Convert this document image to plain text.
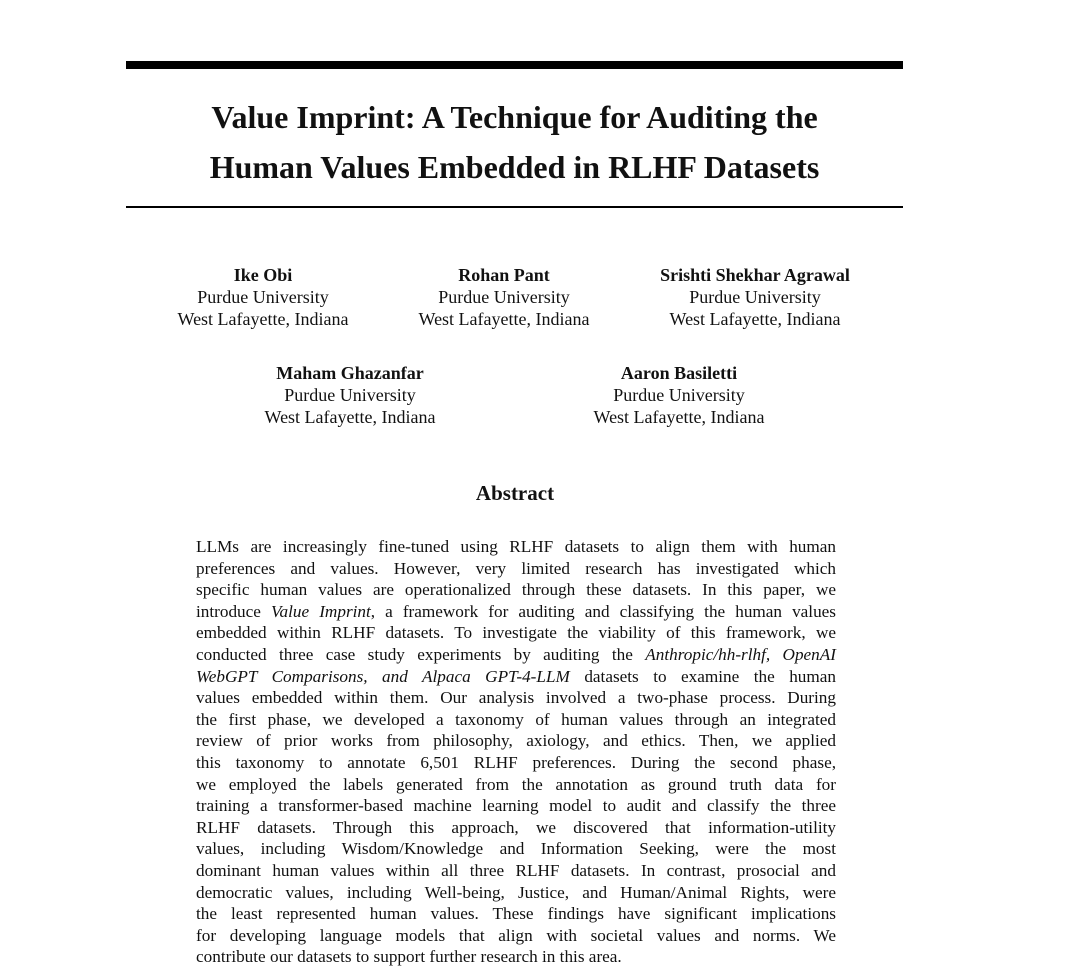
Value Imprint: A Technique for Auditing the
Human Values Embedded in RLHF Datasets
Ike Obi
Purdue University
West Lafayette, Indiana
Rohan Pant
Purdue University
West Lafayette, Indiana
Srishti Shekhar Agrawal
Purdue University
West Lafayette, Indiana
Maham Ghazanfar
Purdue University
West Lafayette, Indiana
Aaron Basiletti
Purdue University
West Lafayette, Indiana
Abstract

LLMs are increasingly fine-tuned using RLHF datasets to align them with human
preferences and values. However, very limited research has investigated which
specific human values are operationalized through these datasets. In this paper, we
introduce Value Imprint, a framework for auditing and classifying the human values
embedded within RLHF datasets. To investigate the viability of this framework, we
conducted three case study experiments by auditing the Anthropic/hh-rlhf, OpenAI
WebGPT Comparisons, and Alpaca GPT-4-LLM datasets to examine the human
values embedded within them. Our analysis involved a two-phase process. During
the first phase, we developed a taxonomy of human values through an integrated
review of prior works from philosophy, axiology, and ethics. Then, we applied
this taxonomy to annotate 6,501 RLHF preferences. During the second phase,
we employed the labels generated from the annotation as ground truth data for
training a transformer-based machine learning model to audit and classify the three
RLHF datasets. Through this approach, we discovered that information-utility
values, including Wisdom/Knowledge and Information Seeking, were the most
dominant human values within all three RLHF datasets. In contrast, prosocial and
democratic values, including Well-being, Justice, and Human/Animal Rights, were
the least represented human values. These findings have significant implications
for developing language models that align with societal values and norms. We
contribute our datasets to support further research in this area.
